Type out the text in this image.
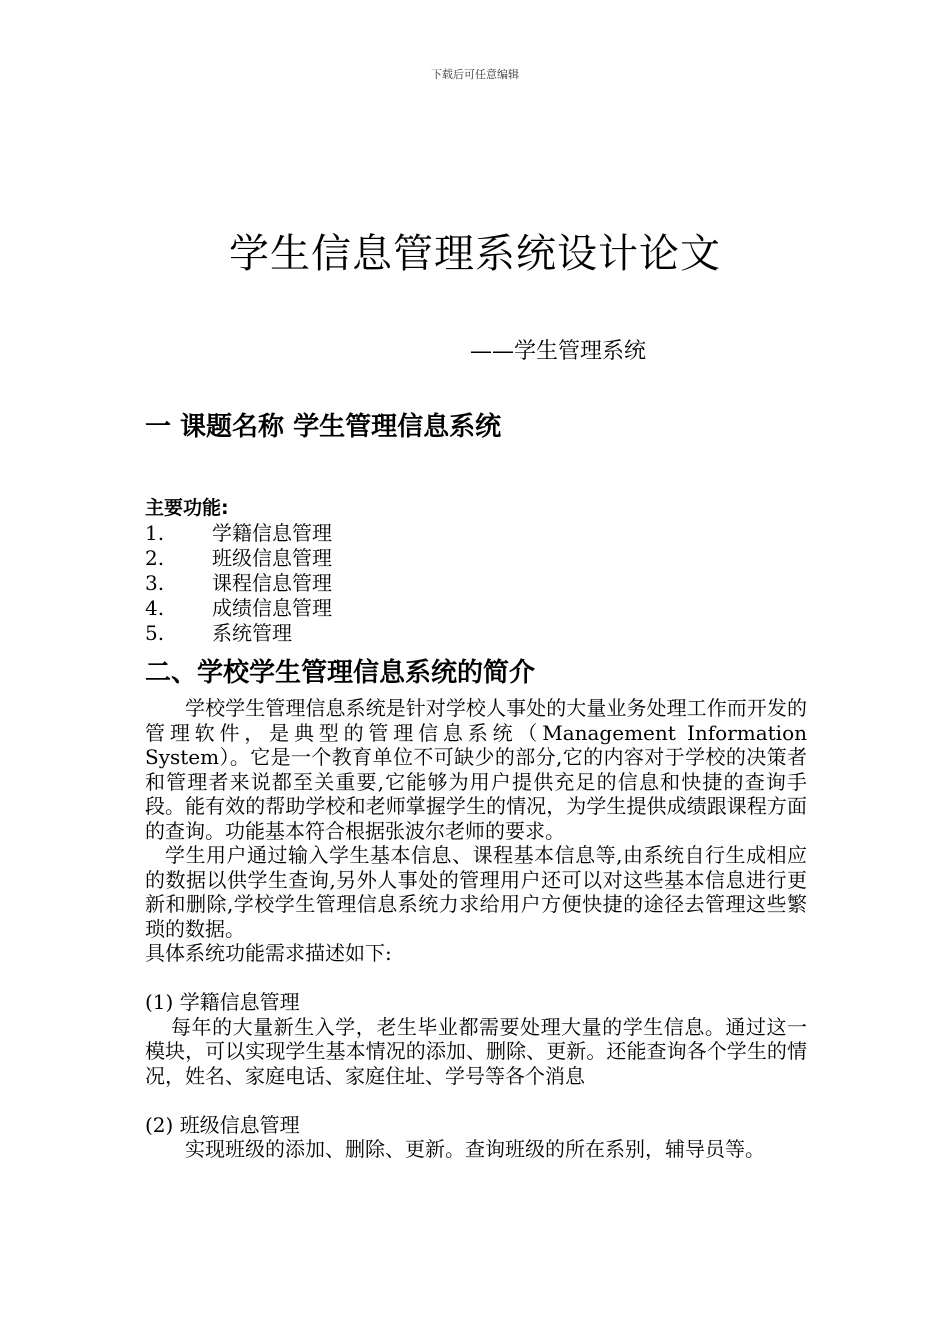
下载后可任意编辑
学生信息管理系统设计论文

——学生管理系统

一 课题名称 学生管理信息系统
主要功能:
1.	学籍信息管理
2.	班级信息管理
3.	课程信息管理
4.	成绩信息管理
5.	系统管理
二、学校学生管理信息系统的简介

学校学生管理信息系统是针对学校人事处的大量业务处理工作而开发的管理软件，是典型的管理信息系统（Management Information System）。它是一个教育单位不可缺少的部分,它的内容对于学校的决策者和管理者来说都至关重要,它能够为用户提供充足的信息和快捷的查询手段。能有效的帮助学校和老师掌握学生的情况，为学生提供成绩跟课程方面的查询。功能基本符合根据张波尔老师的要求。

学生用户通过输入学生基本信息、课程基本信息等,由系统自行生成相应的数据以供学生查询,另外人事处的管理用户还可以对这些基本信息进行更新和删除,学校学生管理信息系统力求给用户方便快捷的途径去管理这些繁琐的数据。

具体系统功能需求描述如下:

(1) 学籍信息管理

每年的大量新生入学，老生毕业都需要处理大量的学生信息。通过这一模块，可以实现学生基本情况的添加、删除、更新。还能查询各个学生的情况，姓名、家庭电话、家庭住址、学号等各个消息

(2) 班级信息管理

实现班级的添加、删除、更新。查询班级的所在系别，辅导员等。
